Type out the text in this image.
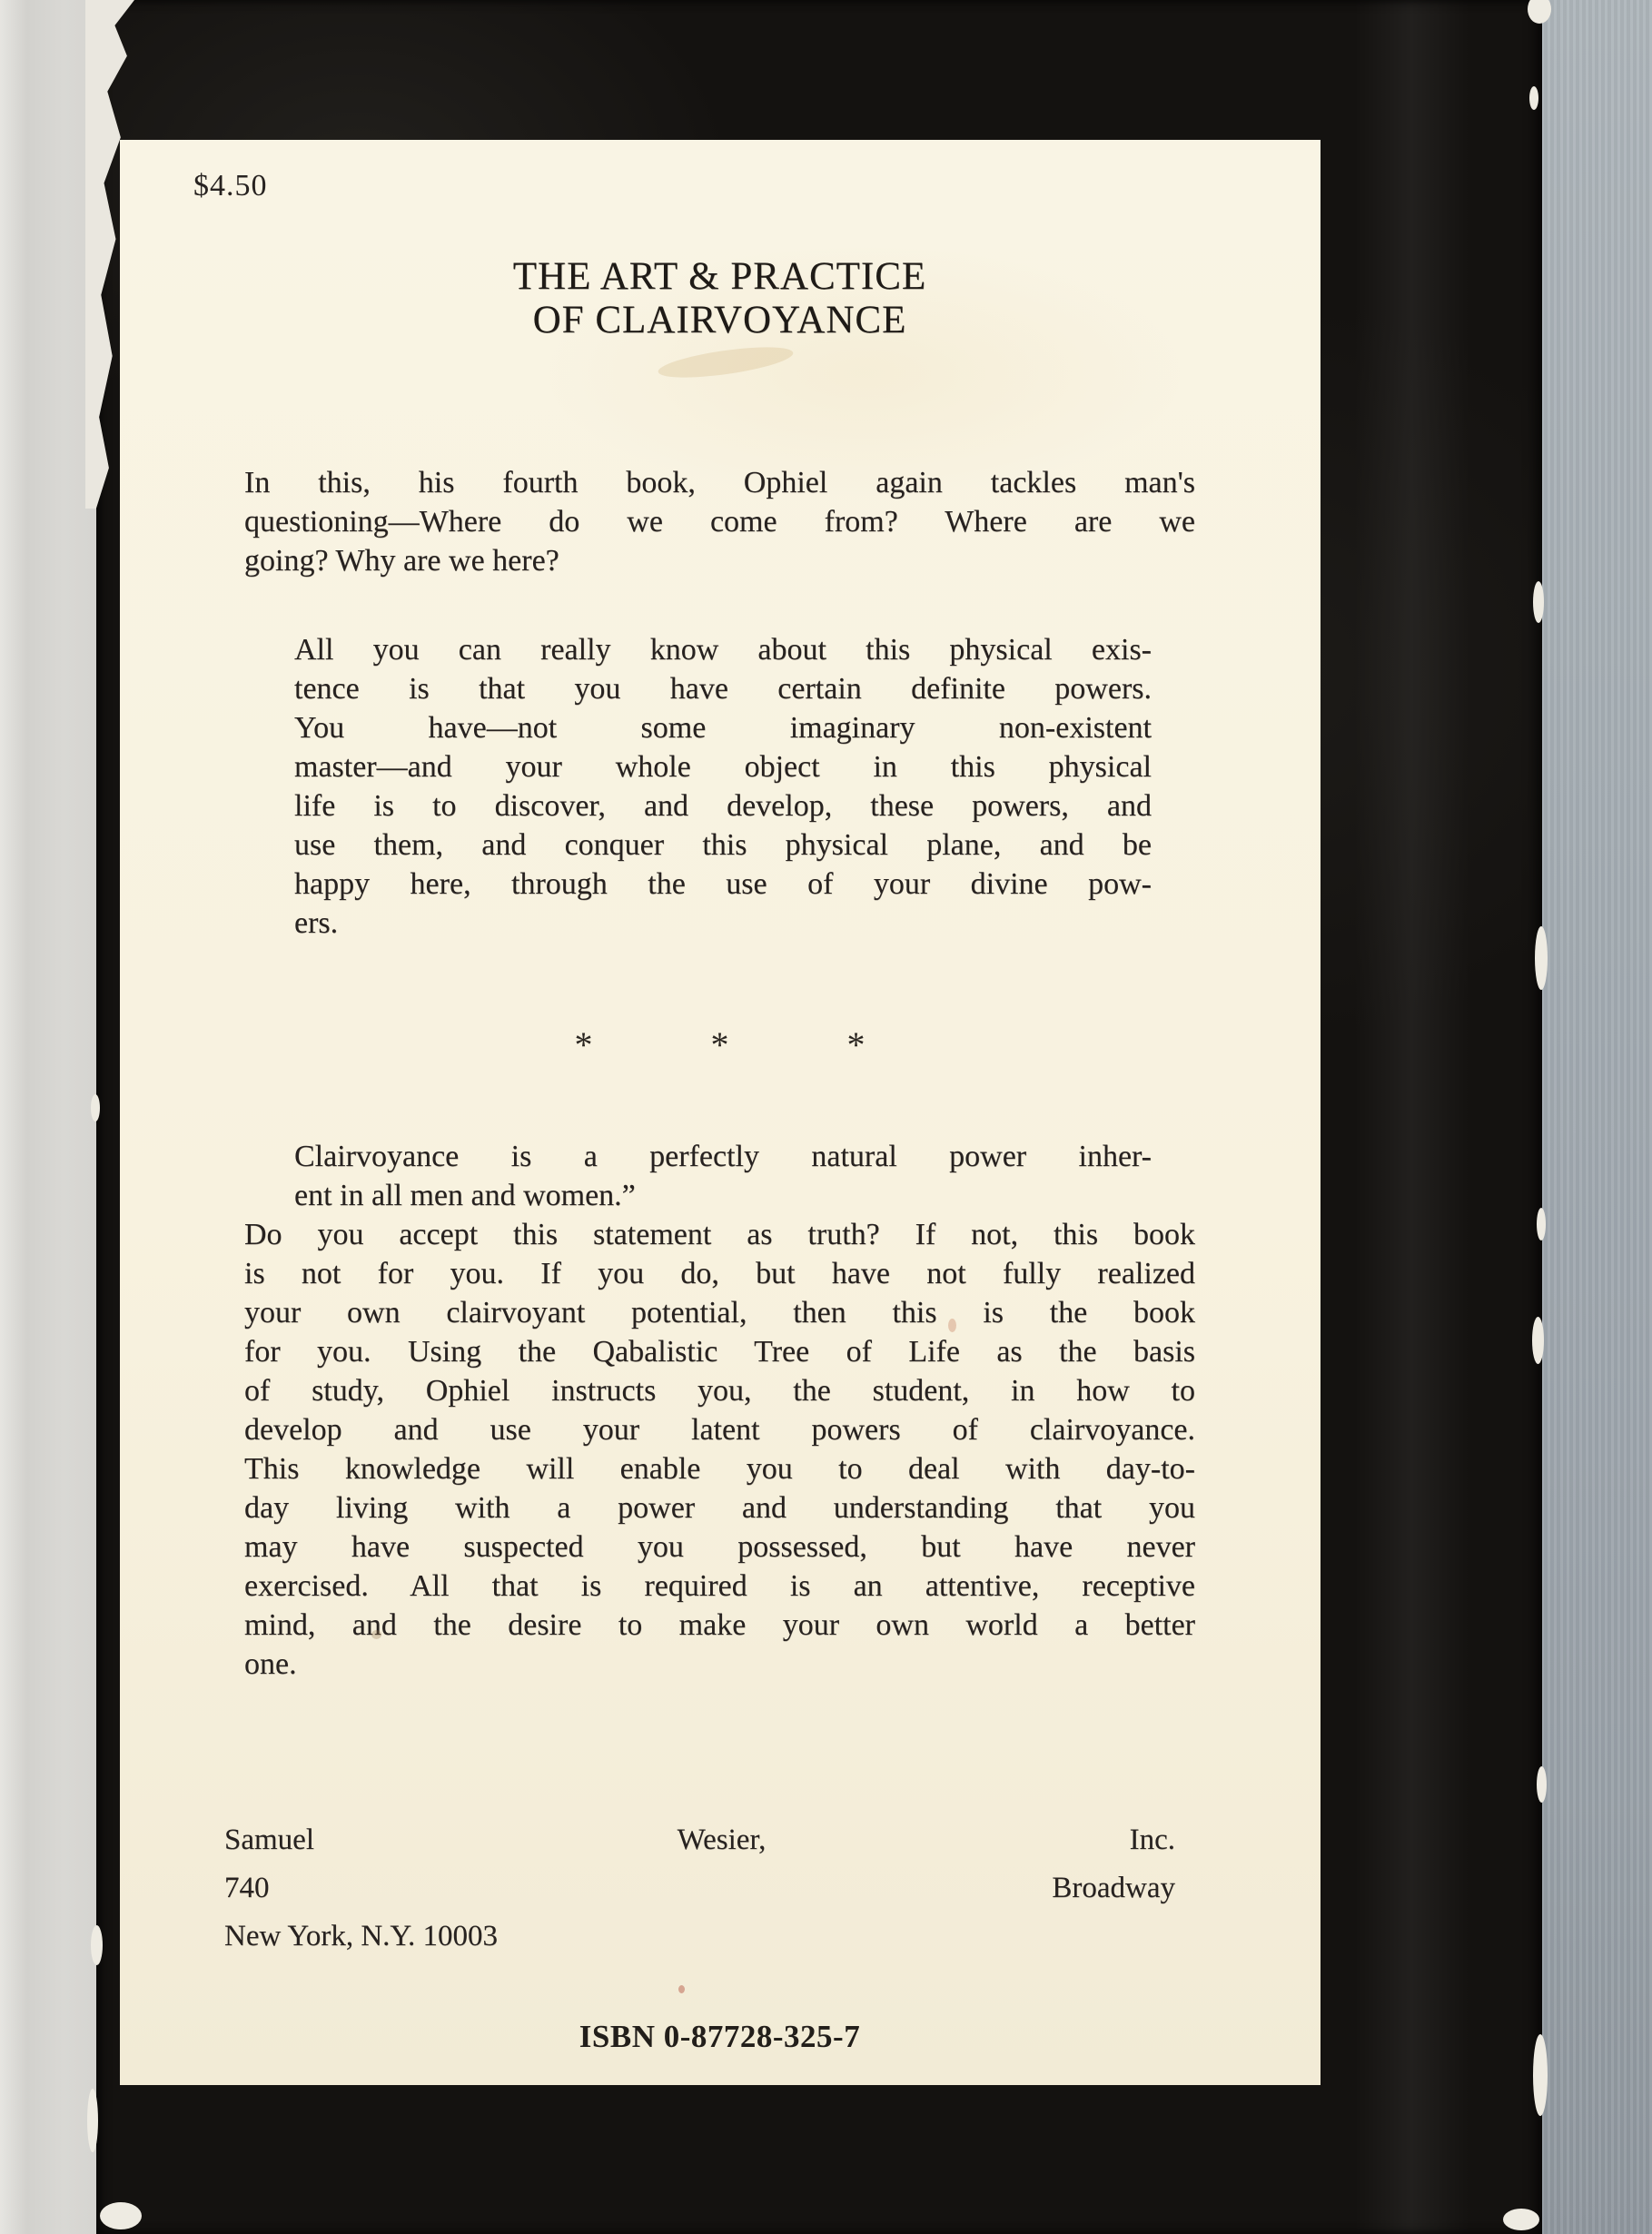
$4.50
THE ART & PRACTICE
OF CLAIRVOYANCE
In this, his fourth book, Ophiel again tackles man's
questioning—Where do we come from? Where are we
going? Why are we here?
All you can really know about this physical exis-
tence is that you have certain definite powers.
You have—not some imaginary non-existent
master—and your whole object in this physical
life is to discover, and develop, these powers, and
use them, and conquer this physical plane, and be
happy here, through the use of your divine pow-
ers.
*	*	*
Clairvoyance is a perfectly natural power inher-
ent in all men and women.”
Do you accept this statement as truth? If not, this book
is not for you. If you do, but have not fully realized
your own clairvoyant potential, then this is the book
for you. Using the Qabalistic Tree of Life as the basis
of study, Ophiel instructs you, the student, in how to
develop and use your latent powers of clairvoyance.
This knowledge will enable you to deal with day-to-
day living with a power and understanding that you
may have suspected you possessed, but have never
exercised. All that is required is an attentive, receptive
mind, and the desire to make your own world a better
one.
Samuel Wesier, Inc.
740 Broadway
New York, N.Y. 10003
ISBN 0-87728-325-7
